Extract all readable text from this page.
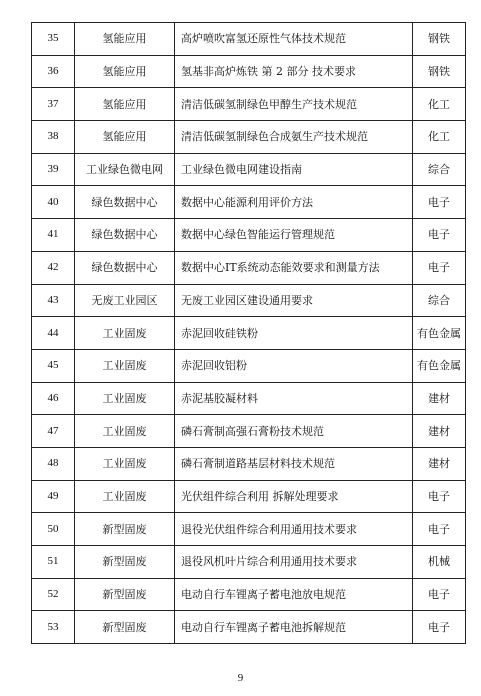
35	氢能应用	高炉喷吹富氢还原性气体技术规范	钢铁
36	氢能应用	氢基非高炉炼铁 第 2 部分 技术要求	钢铁
37	氢能应用	清洁低碳氢制绿色甲醇生产技术规范	化工
38	氢能应用	清洁低碳氢制绿色合成氨生产技术规范	化工
39	工业绿色微电网	工业绿色微电网建设指南	综合
40	绿色数据中心	数据中心能源利用评价方法	电子
41	绿色数据中心	数据中心绿色智能运行管理规范	电子
42	绿色数据中心	数据中心IT系统动态能效要求和测量方法	电子
43	无废工业园区	无废工业园区建设通用要求	综合
44	工业固废	赤泥回收硅铁粉	有色金属
45	工业固废	赤泥回收铝粉	有色金属
46	工业固废	赤泥基胶凝材料	建材
47	工业固废	磷石膏制高强石膏粉技术规范	建材
48	工业固废	磷石膏制道路基层材料技术规范	建材
49	工业固废	光伏组件综合利用 拆解处理要求	电子
50	新型固废	退役光伏组件综合利用通用技术要求	电子
51	新型固废	退役风机叶片综合利用通用技术要求	机械
52	新型固废	电动自行车锂离子蓄电池放电规范	电子
53	新型固废	电动自行车锂离子蓄电池拆解规范	电子
9
